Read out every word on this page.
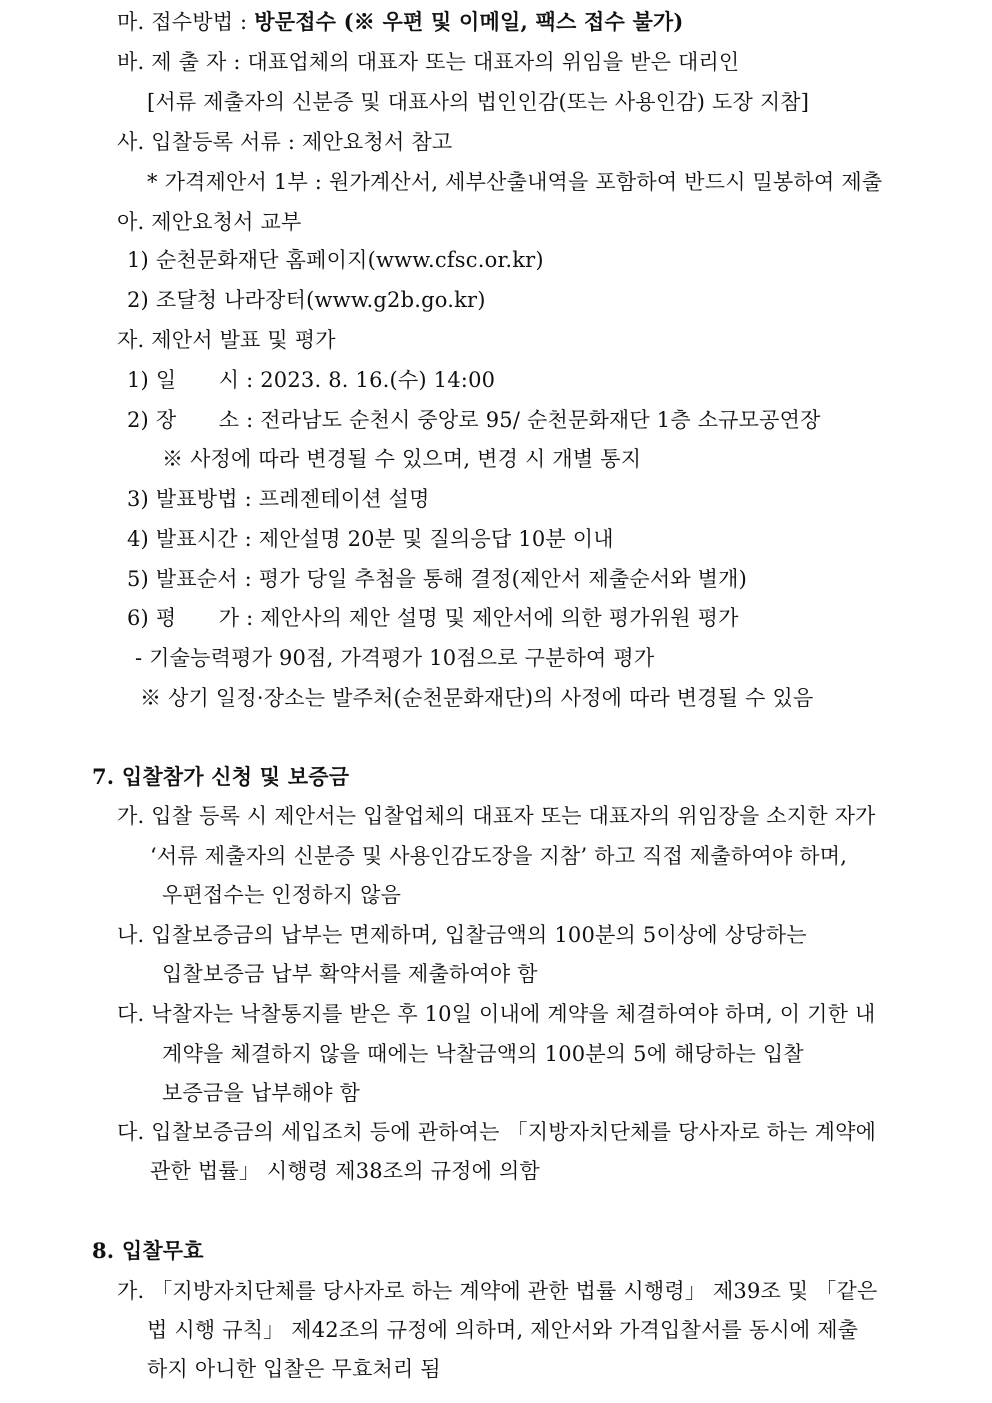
마. 접수방법 : 방문접수 (※ 우편 및 이메일, 팩스 접수 불가)
바. 제 출 자 : 대표업체의 대표자 또는 대표자의 위임을 받은 대리인
[서류 제출자의 신분증 및 대표사의 법인인감(또는 사용인감) 도장 지참]
사. 입찰등록 서류 : 제안요청서 참고
* 가격제안서 1부 : 원가계산서, 세부산출내역을 포함하여 반드시 밀봉하여 제출
아. 제안요청서 교부
1) 순천문화재단 홈페이지(www.cfsc.or.kr)
2) 조달청 나라장터(www.g2b.go.kr)
자. 제안서 발표 및 평가
1) 일　　시 : 2023. 8. 16.(수) 14:00
2) 장　　소 : 전라남도 순천시 중앙로 95/ 순천문화재단 1층 소규모공연장
※ 사정에 따라 변경될 수 있으며, 변경 시 개별 통지
3) 발표방법 : 프레젠테이션 설명
4) 발표시간 : 제안설명 20분 및 질의응답 10분 이내
5) 발표순서 : 평가 당일 추첨을 통해 결정(제안서 제출순서와 별개)
6) 평　　가 : 제안사의 제안 설명 및 제안서에 의한 평가위원 평가
- 기술능력평가 90점, 가격평가 10점으로 구분하여 평가
※ 상기 일정·장소는 발주처(순천문화재단)의 사정에 따라 변경될 수 있음
7. 입찰참가 신청 및 보증금
가. 입찰 등록 시 제안서는 입찰업체의 대표자 또는 대표자의 위임장을 소지한 자가
‘서류 제출자의 신분증 및 사용인감도장을 지참’ 하고 직접 제출하여야 하며,
우편접수는 인정하지 않음
나. 입찰보증금의 납부는 면제하며, 입찰금액의 100분의 5이상에 상당하는
입찰보증금 납부 확약서를 제출하여야 함
다. 낙찰자는 낙찰통지를 받은 후 10일 이내에 계약을 체결하여야 하며, 이 기한 내
계약을 체결하지 않을 때에는 낙찰금액의 100분의 5에 해당하는 입찰
보증금을 납부해야 함
다. 입찰보증금의 세입조치 등에 관하여는 「지방자치단체를 당사자로 하는 계약에
관한 법률」 시행령 제38조의 규정에 의함
8. 입찰무효
가. 「지방자치단체를 당사자로 하는 계약에 관한 법률 시행령」 제39조 및 「같은
법 시행 규칙」 제42조의 규정에 의하며, 제안서와 가격입찰서를 동시에 제출
하지 아니한 입찰은 무효처리 됨
